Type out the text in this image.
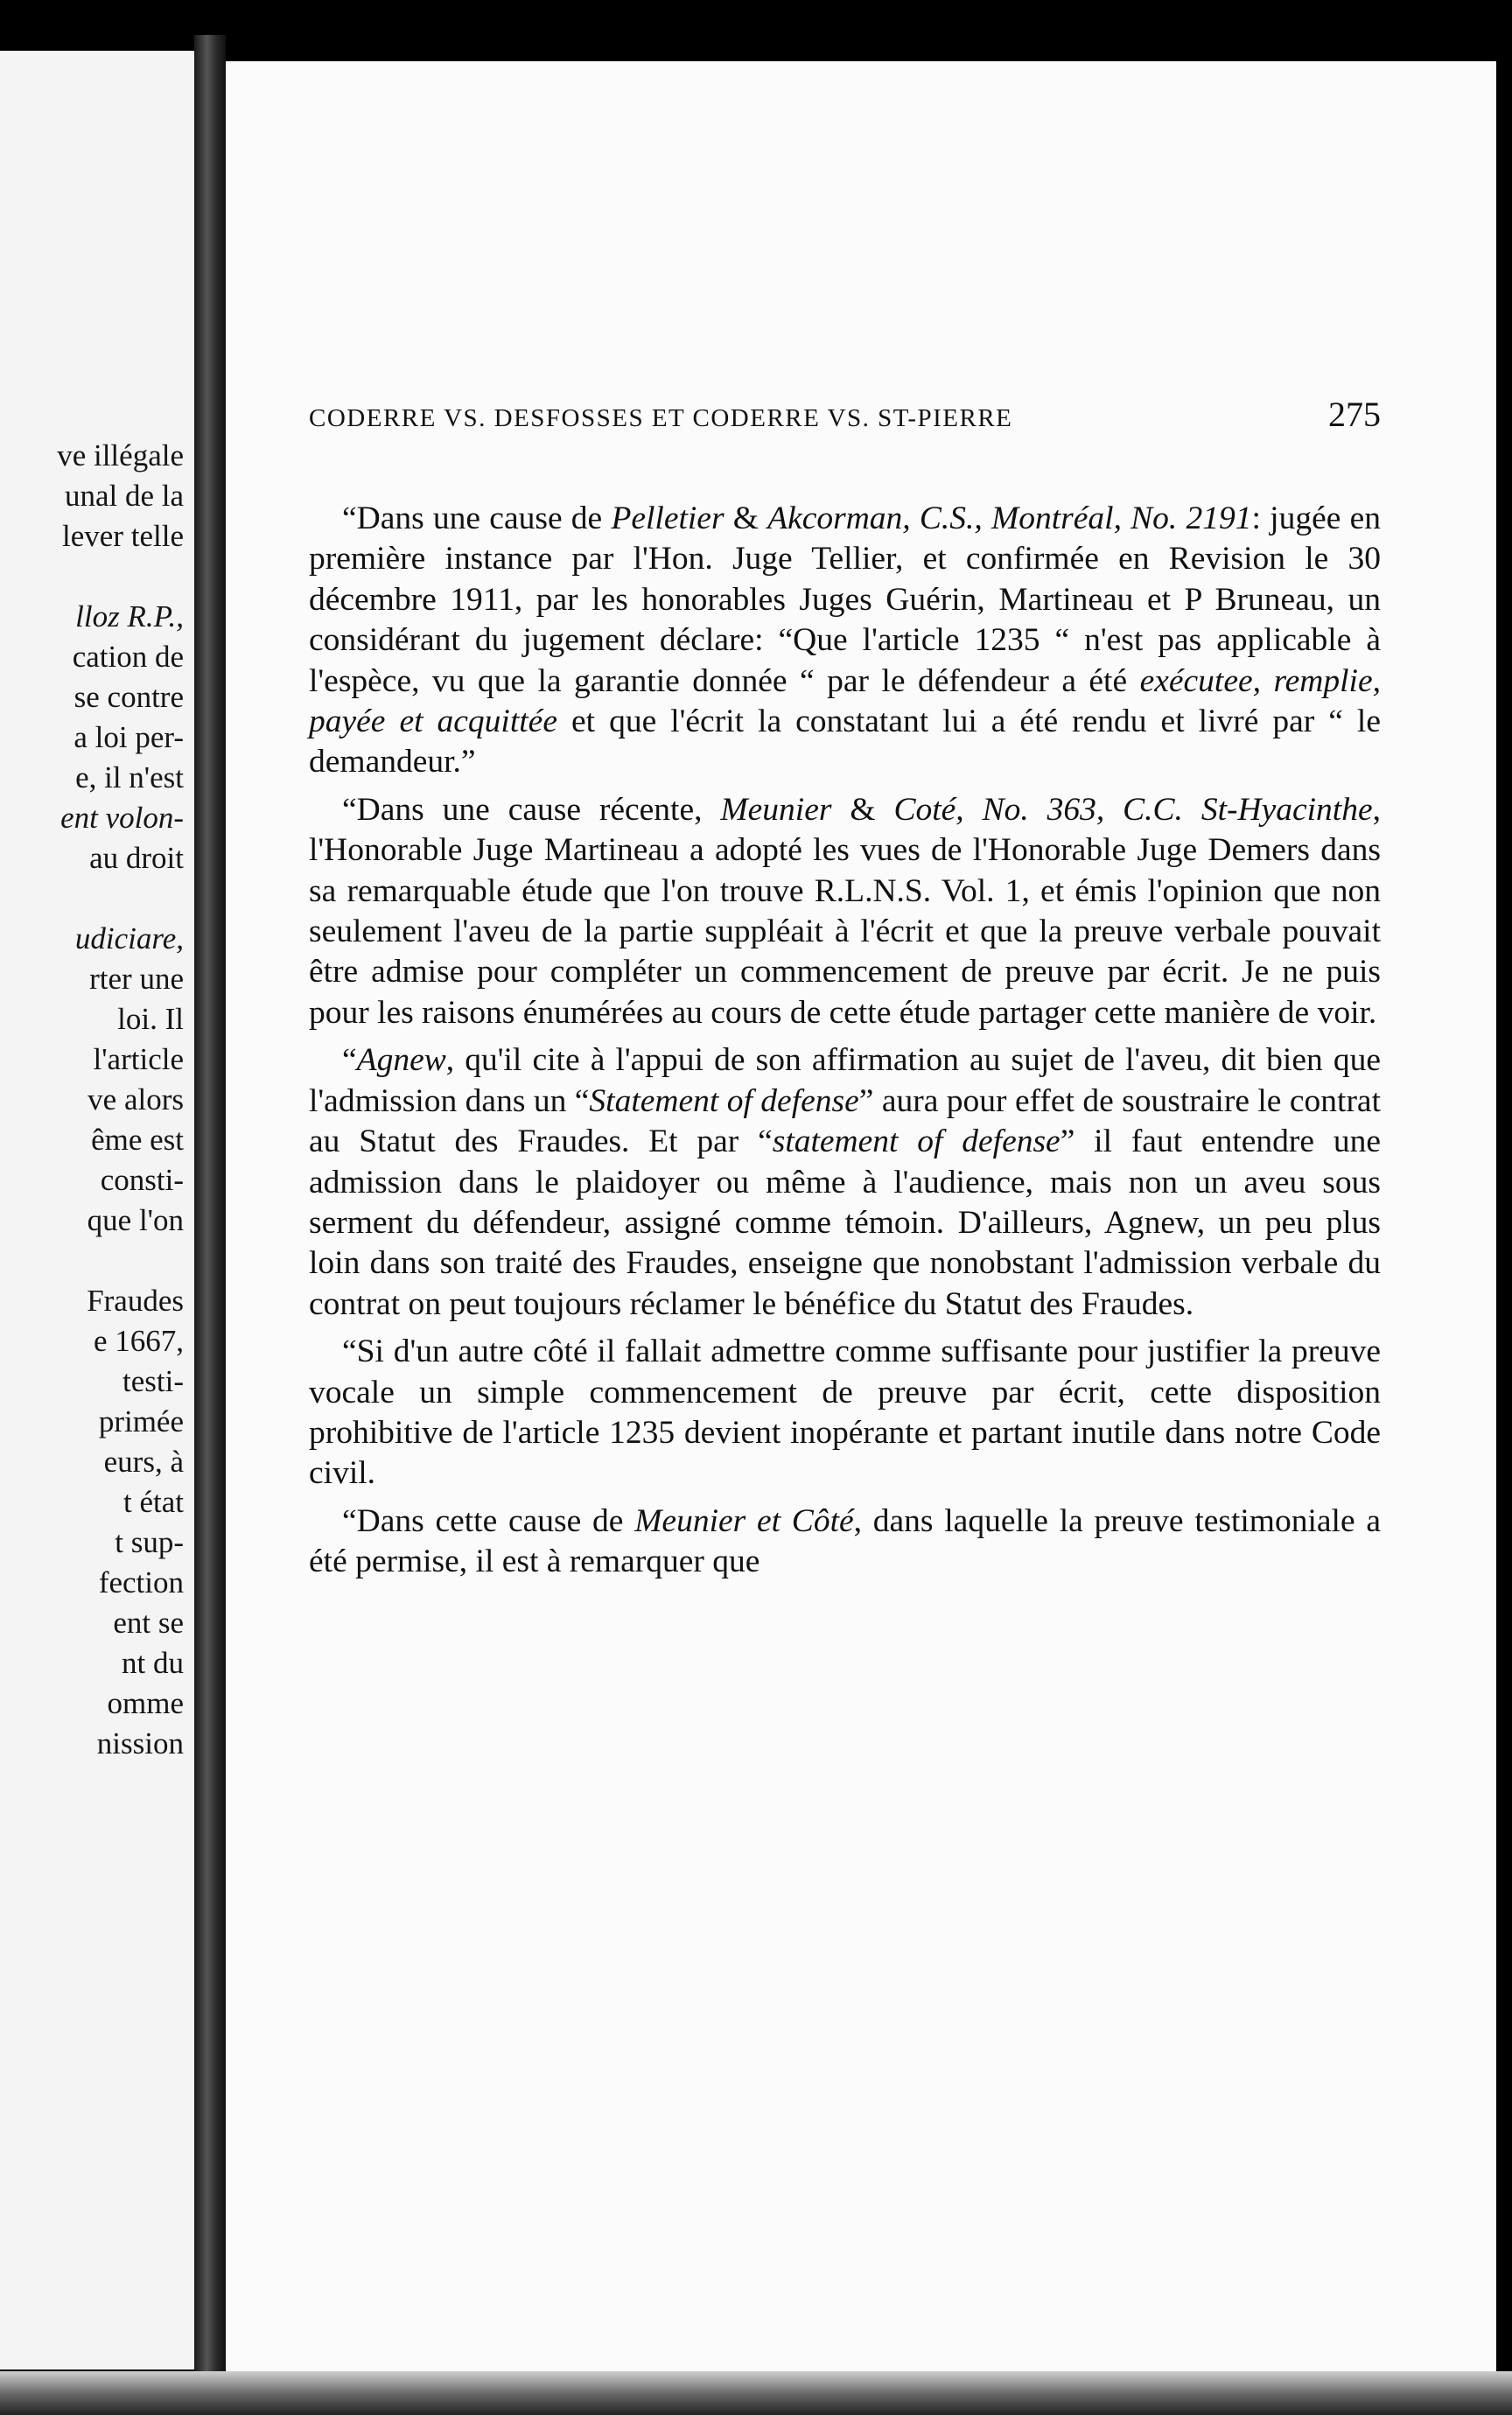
ve illégale
unal de la
lever telle
lloz R.P.,
cation de
se contre
a loi per-
e, il n'est
ent volon-
au droit
udiciare,
rter une
loi. Il
l'article
ve alors
ême est
consti-
que l'on
Fraudes
e 1667,
testi-
primée
eurs, à
t état
t sup-
fection
ent se
nt du
omme
nission
CODERRE VS. DESFOSSES ET CODERRE VS. ST-PIERRE	275

“Dans une cause de Pelletier & Akcorman, C.S., Montréal, No. 2191: jugée en première instance par l'Hon. Juge Tellier, et confirmée en Revision le 30 décembre 1911, par les honorables Juges Guérin, Martineau et P Bruneau, un considérant du jugement déclare: “Que l'article 1235 “ n'est pas applicable à l'espèce, vu que la garantie donnée “ par le défendeur a été exécutee, remplie, payée et acquittée et que l'écrit la constatant lui a été rendu et livré par “ le demandeur.”

“Dans une cause récente, Meunier & Coté, No. 363, C.C. St-Hyacinthe, l'Honorable Juge Martineau a adopté les vues de l'Honorable Juge Demers dans sa remarquable étude que l'on trouve R.L.N.S. Vol. 1, et émis l'opinion que non seulement l'aveu de la partie suppléait à l'écrit et que la preuve verbale pouvait être admise pour compléter un commencement de preuve par écrit. Je ne puis pour les raisons énumérées au cours de cette étude partager cette manière de voir.

“Agnew, qu'il cite à l'appui de son affirmation au sujet de l'aveu, dit bien que l'admission dans un “Statement of defense” aura pour effet de soustraire le contrat au Statut des Fraudes. Et par “statement of defense” il faut entendre une admission dans le plaidoyer ou même à l'audience, mais non un aveu sous serment du défendeur, assigné comme témoin. D'ailleurs, Agnew, un peu plus loin dans son traité des Fraudes, enseigne que nonobstant l'admission verbale du contrat on peut toujours réclamer le bénéfice du Statut des Fraudes.

“Si d'un autre côté il fallait admettre comme suffisante pour justifier la preuve vocale un simple commencement de preuve par écrit, cette disposition prohibitive de l'article 1235 devient inopérante et partant inutile dans notre Code civil.

“Dans cette cause de Meunier et Côté, dans laquelle la preuve testimoniale a été permise, il est à remarquer que
